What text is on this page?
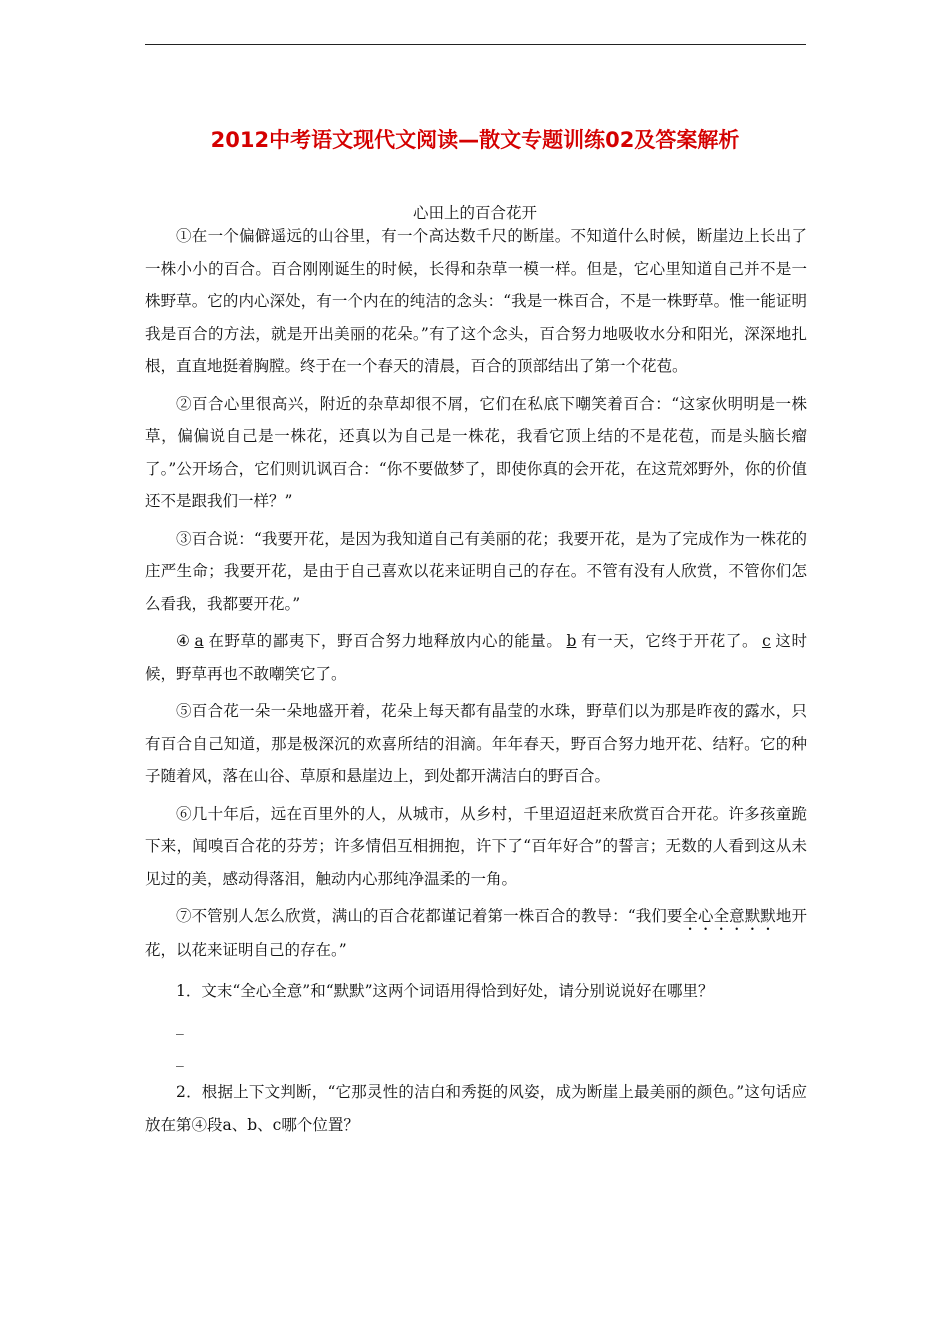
2012中考语文现代文阅读—散文专题训练02及答案解析
心田上的百合花开

①在一个偏僻遥远的山谷里，有一个高达数千尺的断崖。不知道什么时候，断崖边上长出了一株小小的百合。百合刚刚诞生的时候，长得和杂草一模一样。但是，它心里知道自己并不是一株野草。它的内心深处，有一个内在的纯洁的念头：“我是一株百合，不是一株野草。惟一能证明我是百合的方法，就是开出美丽的花朵。”有了这个念头，百合努力地吸收水分和阳光，深深地扎根，直直地挺着胸膛。终于在一个春天的清晨，百合的顶部结出了第一个花苞。

②百合心里很高兴，附近的杂草却很不屑，它们在私底下嘲笑着百合：“这家伙明明是一株草，偏偏说自己是一株花，还真以为自己是一株花，我看它顶上结的不是花苞，而是头脑长瘤了。”公开场合，它们则讥讽百合：“你不要做梦了，即使你真的会开花，在这荒郊野外，你的价值还不是跟我们一样？”

③百合说：“我要开花，是因为我知道自己有美丽的花；我要开花，是为了完成作为一株花的庄严生命；我要开花，是由于自己喜欢以花来证明自己的存在。不管有没有人欣赏，不管你们怎么看我，我都要开花。”

④ a 在野草的鄙夷下，野百合努力地释放内心的能量。 b 有一天，它终于开花了。 c 这时候，野草再也不敢嘲笑它了。

⑤百合花一朵一朵地盛开着，花朵上每天都有晶莹的水珠，野草们以为那是昨夜的露水，只有百合自己知道，那是极深沉的欢喜所结的泪滴。年年春天，野百合努力地开花、结籽。它的种子随着风，落在山谷、草原和悬崖边上，到处都开满洁白的野百合。

⑥几十年后，远在百里外的人，从城市，从乡村，千里迢迢赶来欣赏百合开花。许多孩童跪下来，闻嗅百合花的芬芳；许多情侣互相拥抱，许下了“百年好合”的誓言；无数的人看到这从未见过的美，感动得落泪，触动内心那纯净温柔的一角。

⑦不管别人怎么欣赏，满山的百合花都谨记着第一株百合的教导：“我们要全心全意默默地开花，以花来证明自己的存在。”

1．文末“全心全意”和“默默”这两个词语用得恰到好处，请分别说说好在哪里？

_
_

2．根据上下文判断，“它那灵性的洁白和秀挺的风姿，成为断崖上最美丽的颜色。”这句话应放在第④段a、b、c哪个位置？
